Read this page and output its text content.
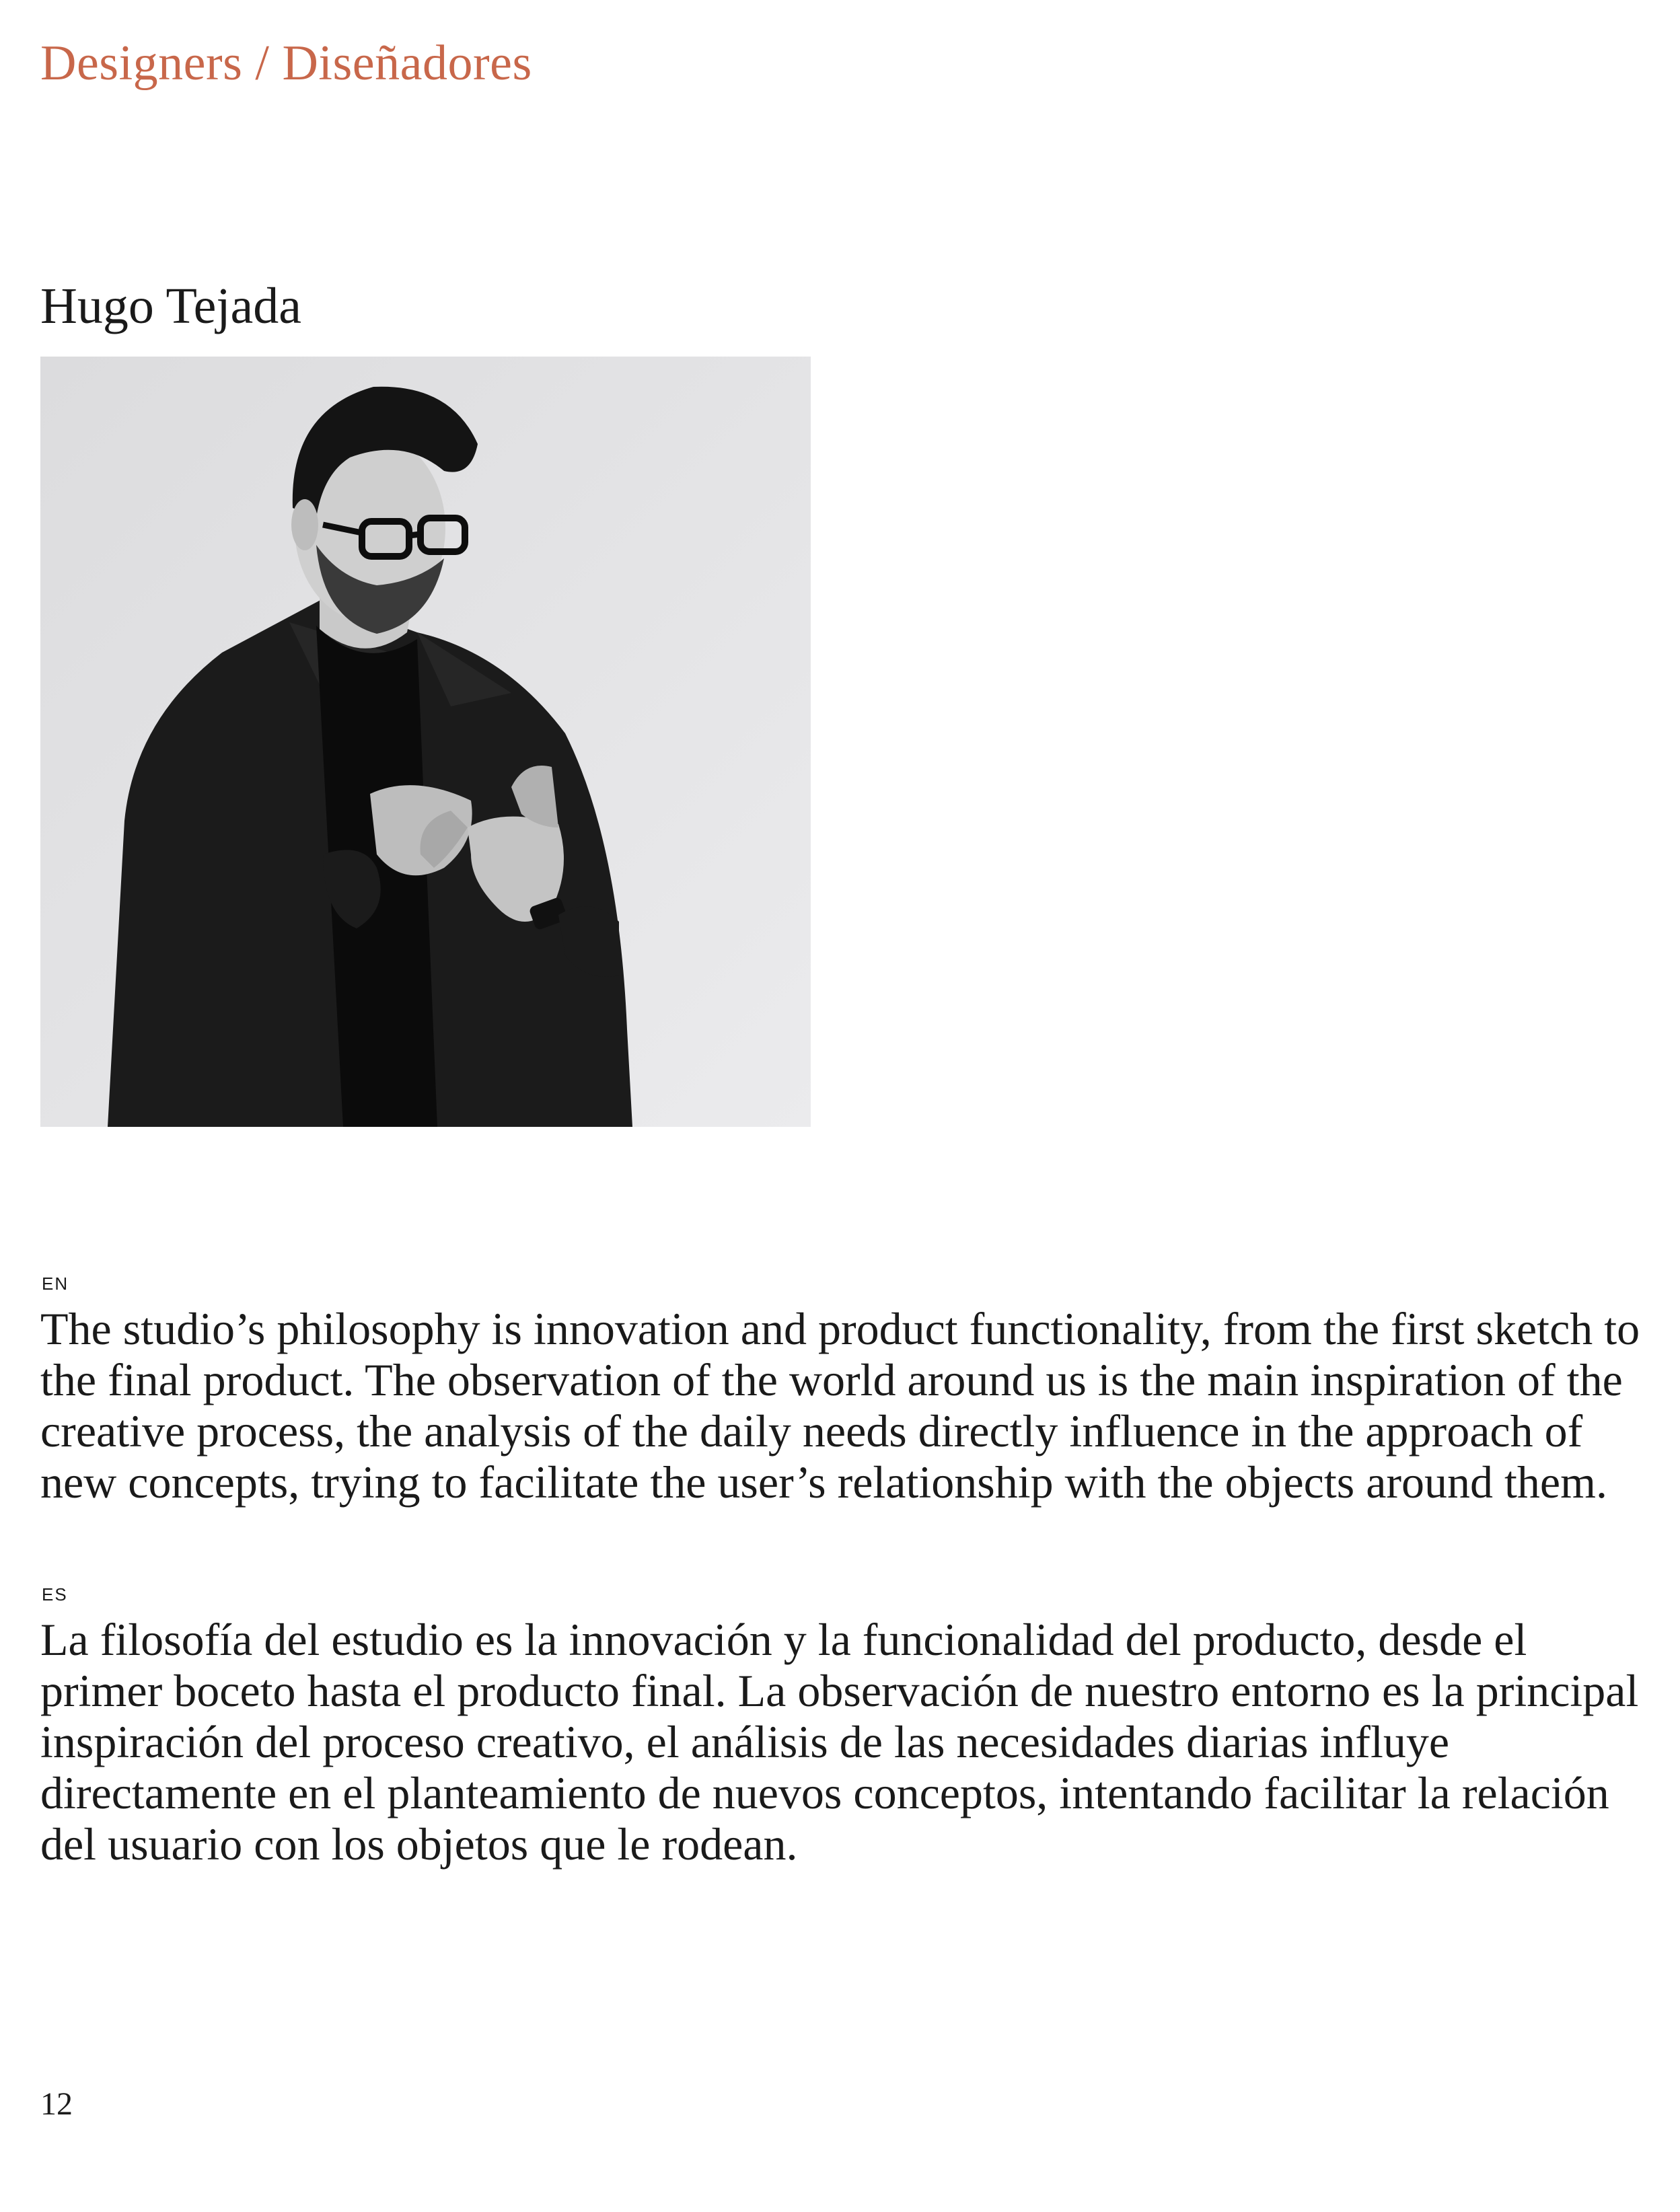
Designers / Diseñadores
Hugo Tejada

EN

The studio’s philosophy is innovation and product functionality, from the first sketch to the final product. The observation of the world around us is the main inspiration of the creative process, the analysis of the daily needs directly influence in the approach of new concepts, trying to facilitate the user’s relationship with the objects around them.

ES

La filosofía del estudio es la innovación y la funcionalidad del producto, desde el primer boceto hasta el producto final. La observación de nuestro entorno es la principal inspiración del proceso creativo, el análisis de las necesidades diarias influye directamente en el planteamiento de nuevos conceptos, intentando facilitar la relación del usuario con los objetos que le rodean.

12
